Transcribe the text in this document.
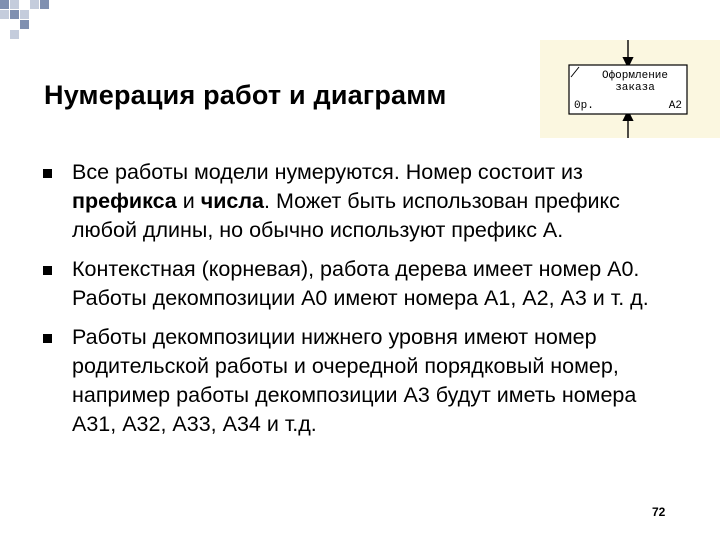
Нумерация работ и диаграмм
Оформление
заказа
0р.	A2
Все работы модели нумеруются. Номер состоит из префикса и числа. Может быть использован префикс любой длины, но обычно используют префикс А.
Контекстная (корневая), работа дерева имеет номер А0. Работы декомпозиции А0 имеют номера А1, А2, А3 и т. д.
Работы декомпозиции нижнего уровня имеют номер родительской работы и очередной порядковый номер, например работы декомпозиции А3 будут иметь номера А31, А32, А33, А34 и т.д.
72
